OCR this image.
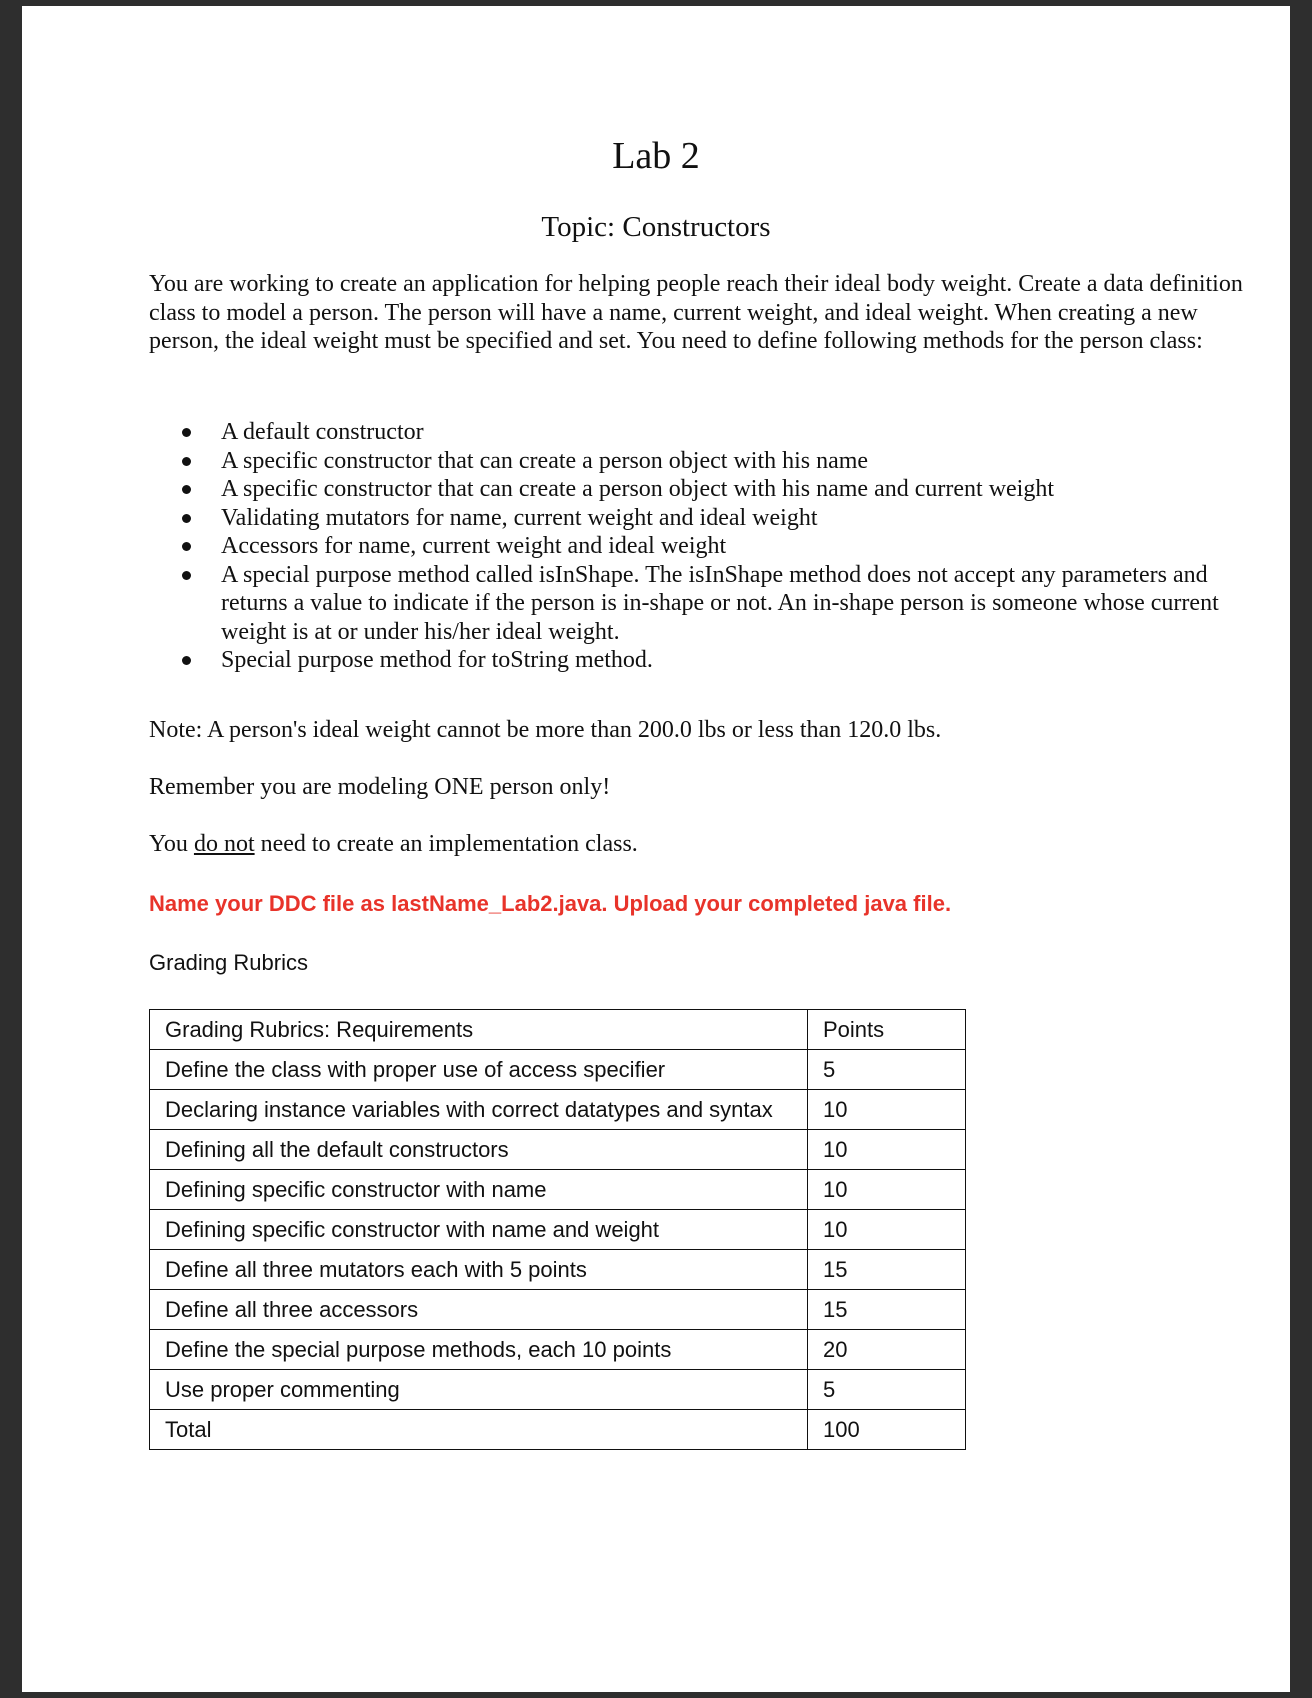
Lab 2
Topic: Constructors

You are working to create an application for helping people reach their ideal body weight. Create a data definition class to model a person. The person will have a name, current weight, and ideal weight. When creating a new person, the ideal weight must be specified and set. You need to define following methods for the person class:

A default constructor
A specific constructor that can create a person object with his name
A specific constructor that can create a person object with his name and current weight
Validating mutators for name, current weight and ideal weight
Accessors for name, current weight and ideal weight
A special purpose method called isInShape. The isInShape method does not accept any parameters and returns a value to indicate if the person is in-shape or not. An in-shape person is someone whose current weight is at or under his/her ideal weight.
Special purpose method for toString method.

Note: A person's ideal weight cannot be more than 200.0 lbs or less than 120.0 lbs.

Remember you are modeling ONE person only!

You do not need to create an implementation class.

Name your DDC file as lastName_Lab2.java. Upload your completed java file.

Grading Rubrics

Grading Rubrics: Requirements	Points
Define the class with proper use of access specifier	5
Declaring instance variables with correct datatypes and syntax	10
Defining all the default constructors	10
Defining specific constructor with name	10
Defining specific constructor with name and weight	10
Define all three mutators each with 5 points	15
Define all three accessors	15
Define the special purpose methods, each 10 points	20
Use proper commenting	5
Total	100
